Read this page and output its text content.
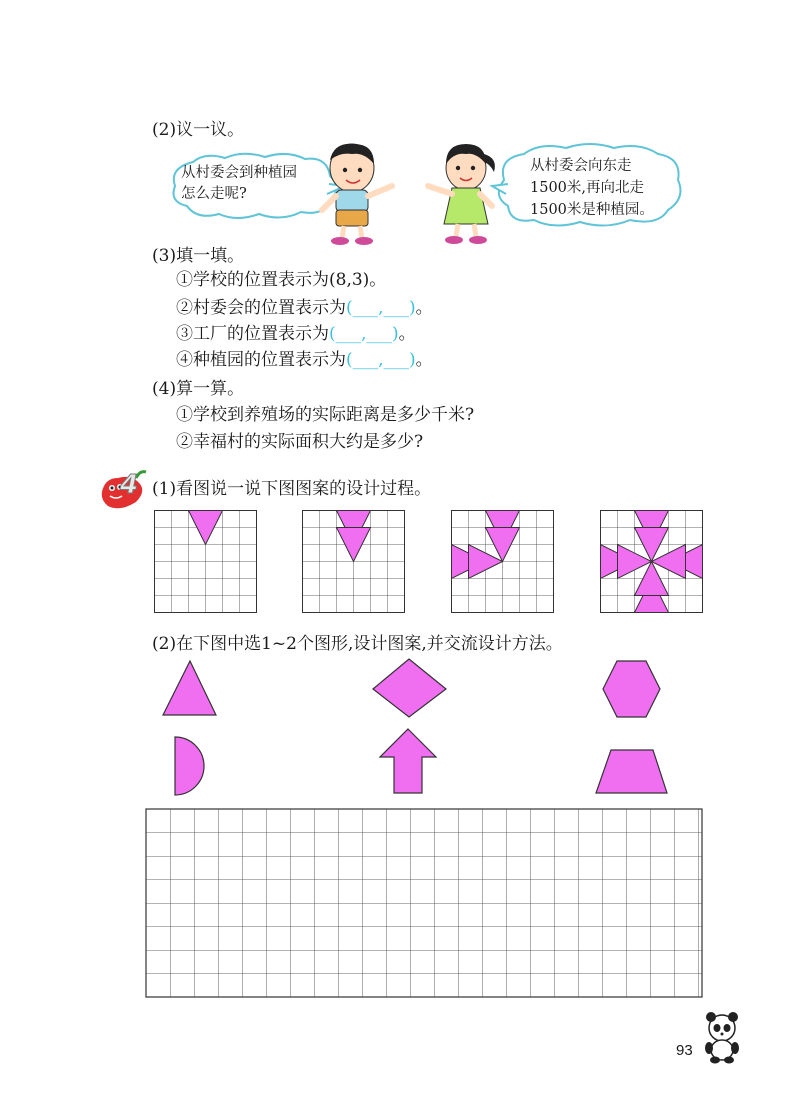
(2)议一议。
从村委会到种植园
怎么走呢?
从村委会向东走
1500米,再向北走
1500米是种植园。
(3)填一填。
①学校的位置表示为(8,3)。
②村委会的位置表示为(___,___)。
③工厂的位置表示为(___,___)。
④种植园的位置表示为(___,___)。
(4)算一算。
①学校到养殖场的实际距离是多少千米?
②幸福村的实际面积大约是多少?
4 (1)看图说一说下图图案的设计过程。
(2)在下图中选1~2个图形,设计图案,并交流设计方法。
93
